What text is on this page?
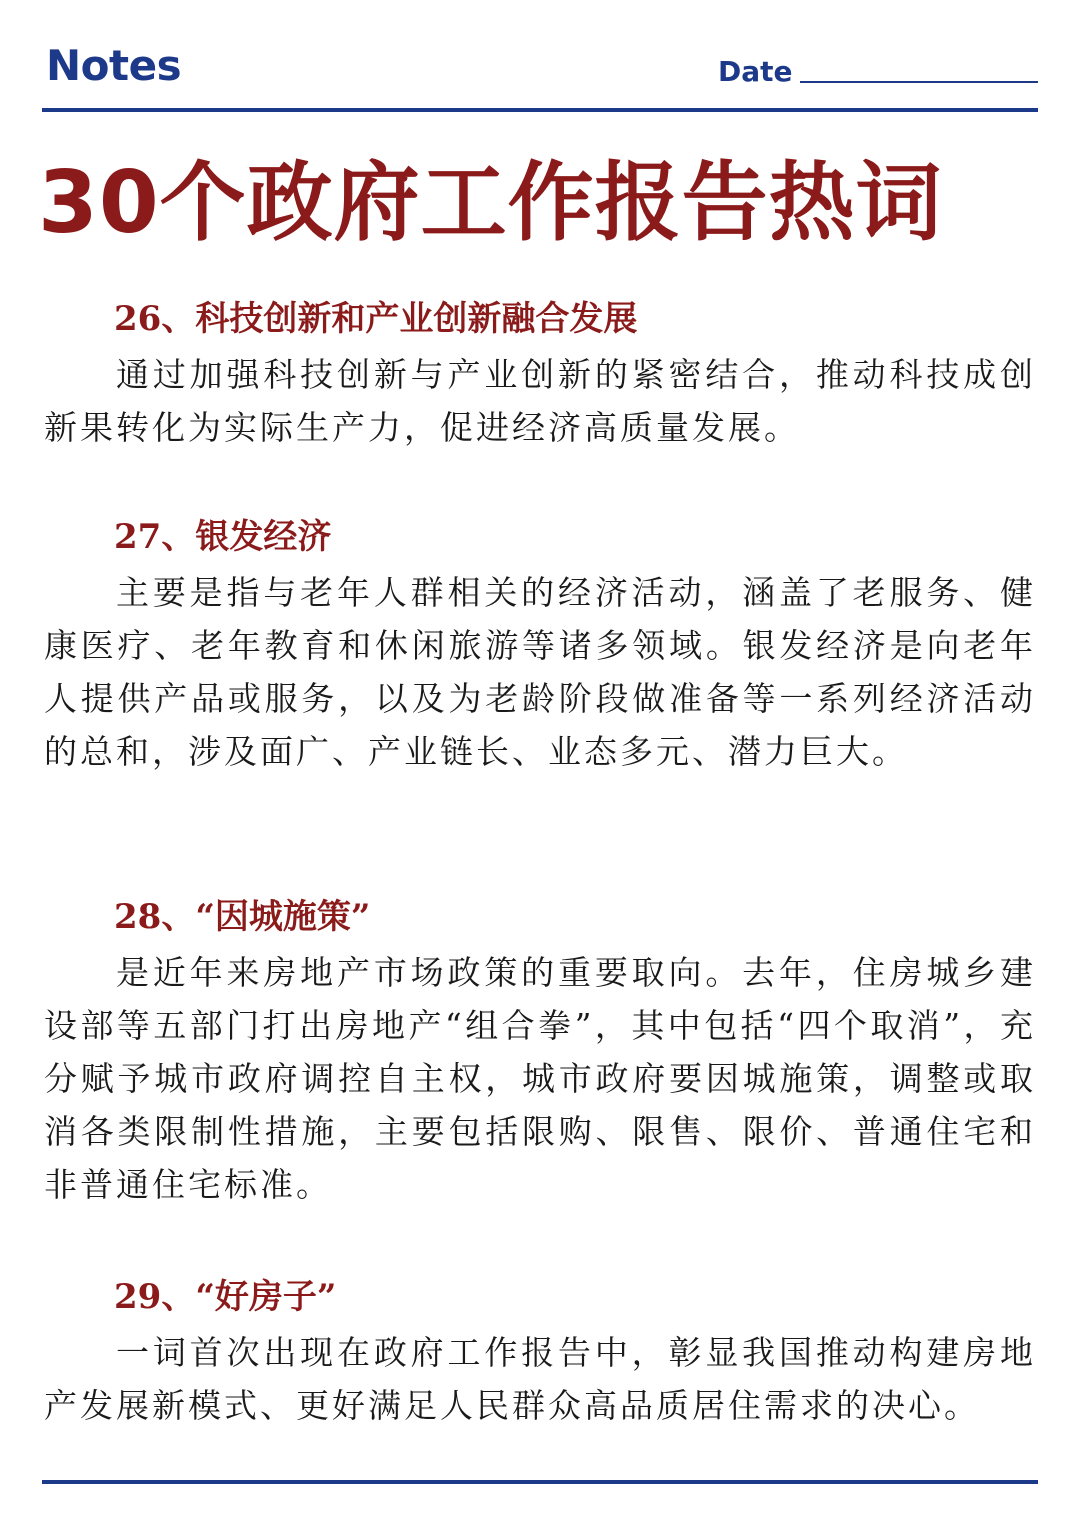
Notes	Date
30个政府工作报告热词
26、科技创新和产业创新融合发展
通过加强科技创新与产业创新的紧密结合，推动科技成创新果转化为实际生产力，促进经济高质量发展。
27、银发经济
主要是指与老年人群相关的经济活动，涵盖了老服务、健康医疗、老年教育和休闲旅游等诸多领域。银发经济是向老年人提供产品或服务，以及为老龄阶段做准备等一系列经济活动的总和，涉及面广、产业链长、业态多元、潜力巨大。
28、“因城施策”
是近年来房地产市场政策的重要取向。去年，住房城乡建设部等五部门打出房地产“组合拳”，其中包括“四个取消”，充分赋予城市政府调控自主权，城市政府要因城施策，调整或取消各类限制性措施，主要包括限购、限售、限价、普通住宅和非普通住宅标准。
29、“好房子”
一词首次出现在政府工作报告中，彰显我国推动构建房地产发展新模式、更好满足人民群众高品质居住需求的决心。
